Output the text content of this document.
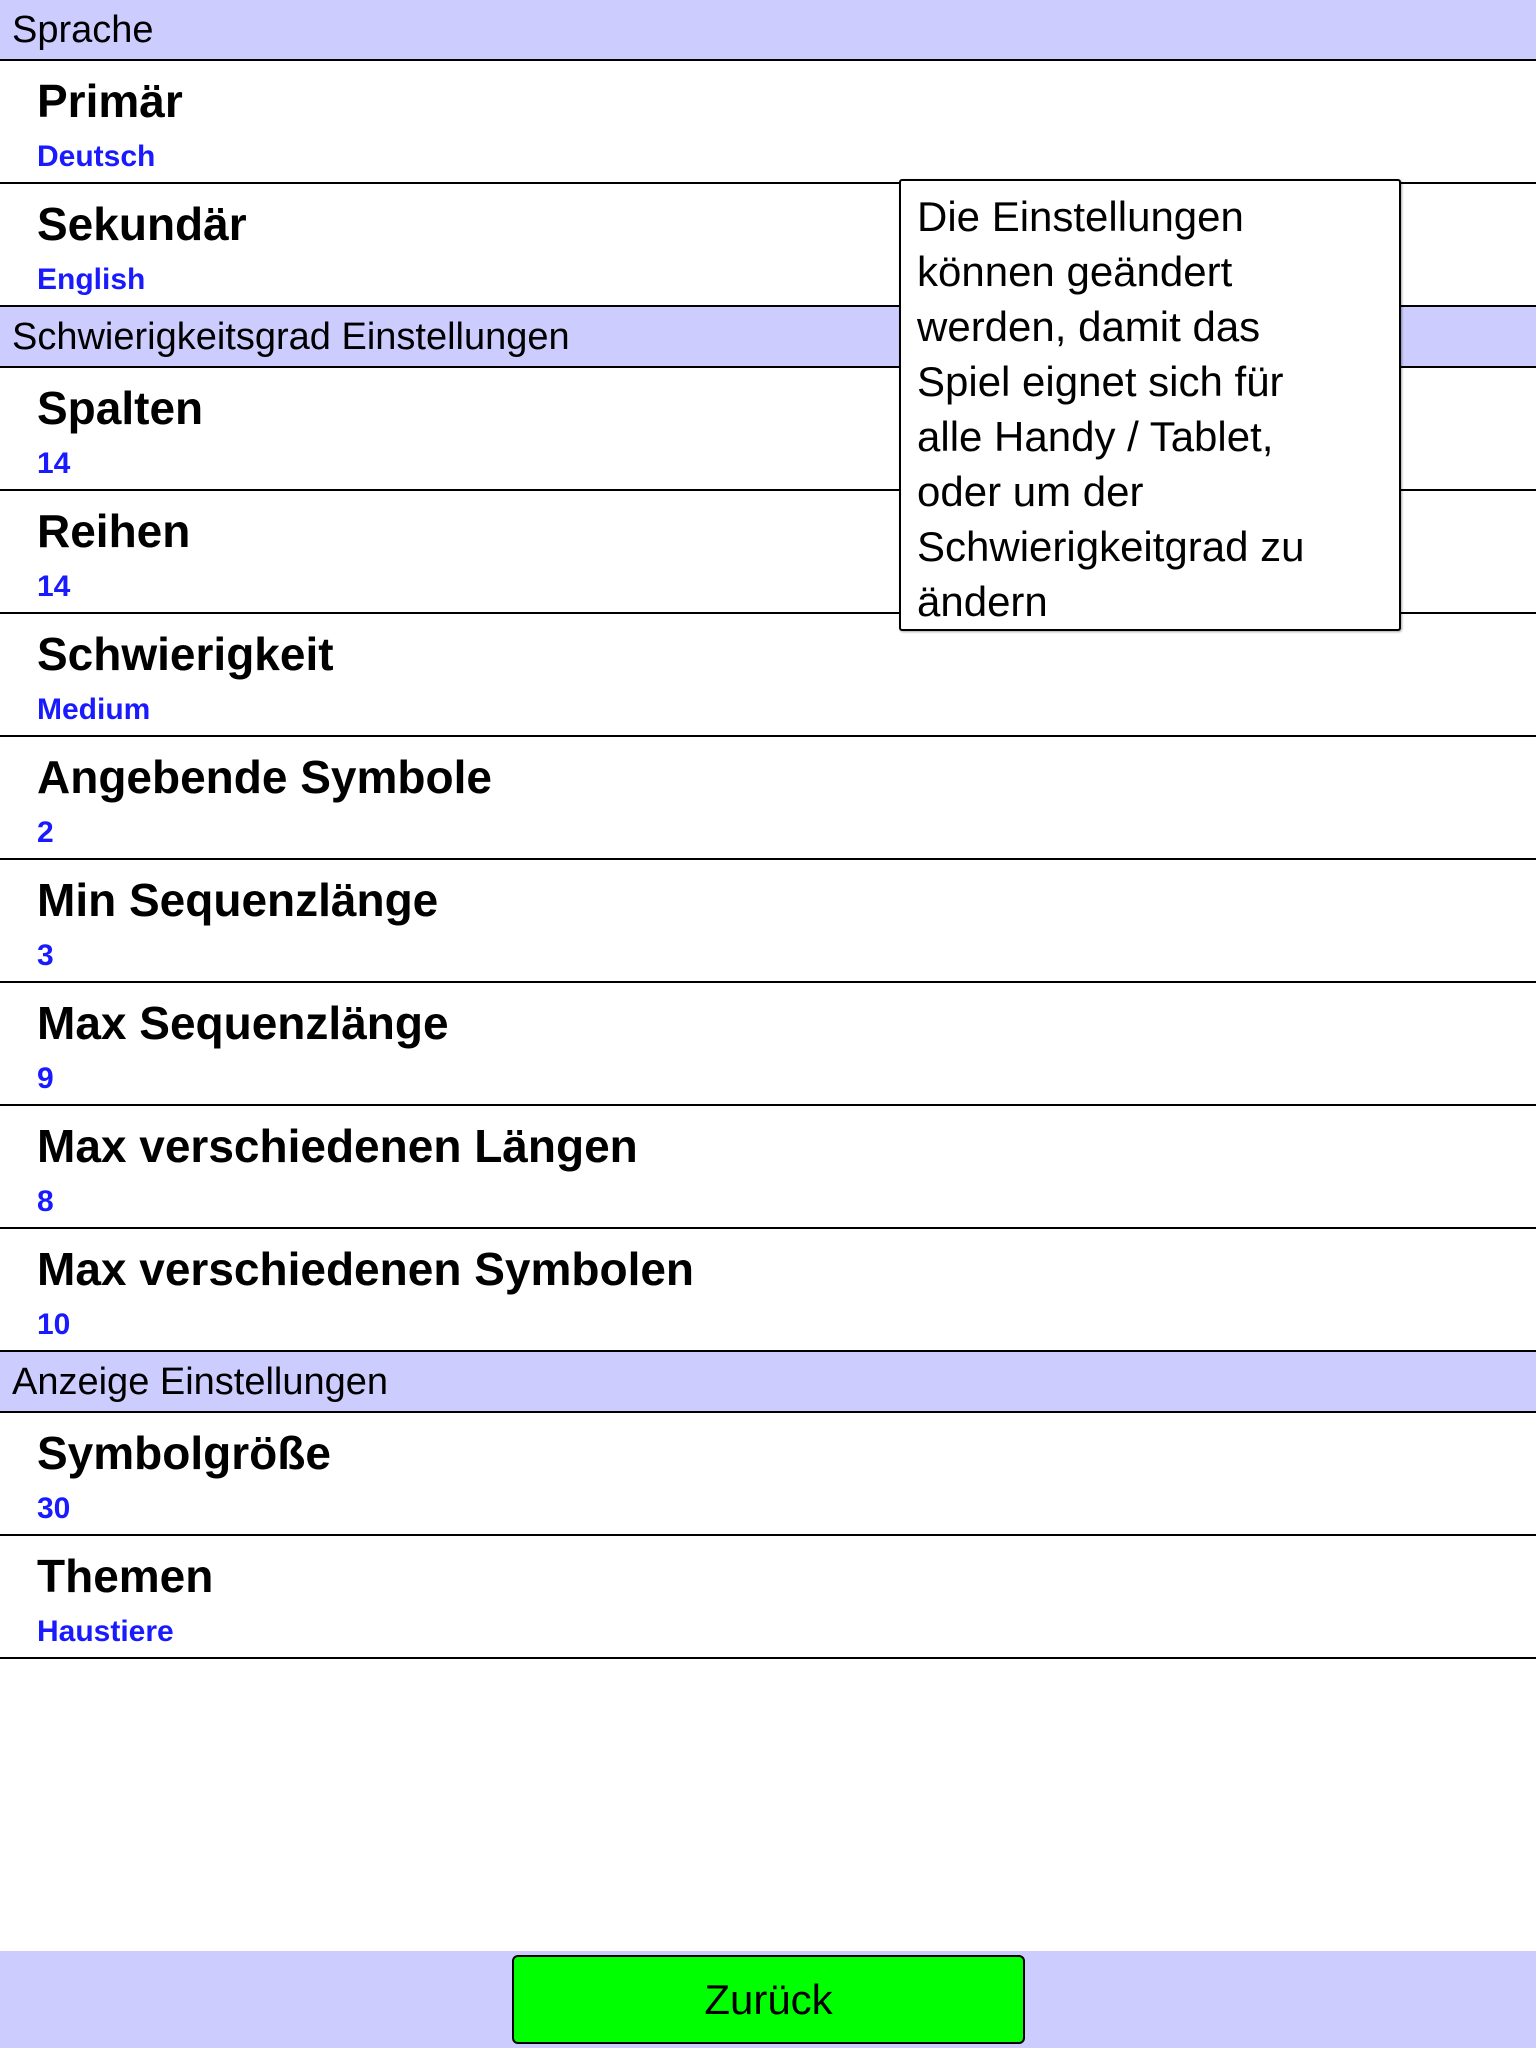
Sprache
Primär
Deutsch
Sekundär
English
Schwierigkeitsgrad Einstellungen
Spalten
14
Reihen
14
Schwierigkeit
Medium
Angebende Symbole
2
Min Sequenzlänge
3
Max Sequenzlänge
9
Max verschiedenen Längen
8
Max verschiedenen Symbolen
10
Anzeige Einstellungen
Symbolgröße
30
Themen
Haustiere
Die Einstellungen
können geändert
werden, damit das
Spiel eignet sich für
alle Handy / Tablet,
oder um der
Schwierigkeitgrad zu
ändern
Zurück
